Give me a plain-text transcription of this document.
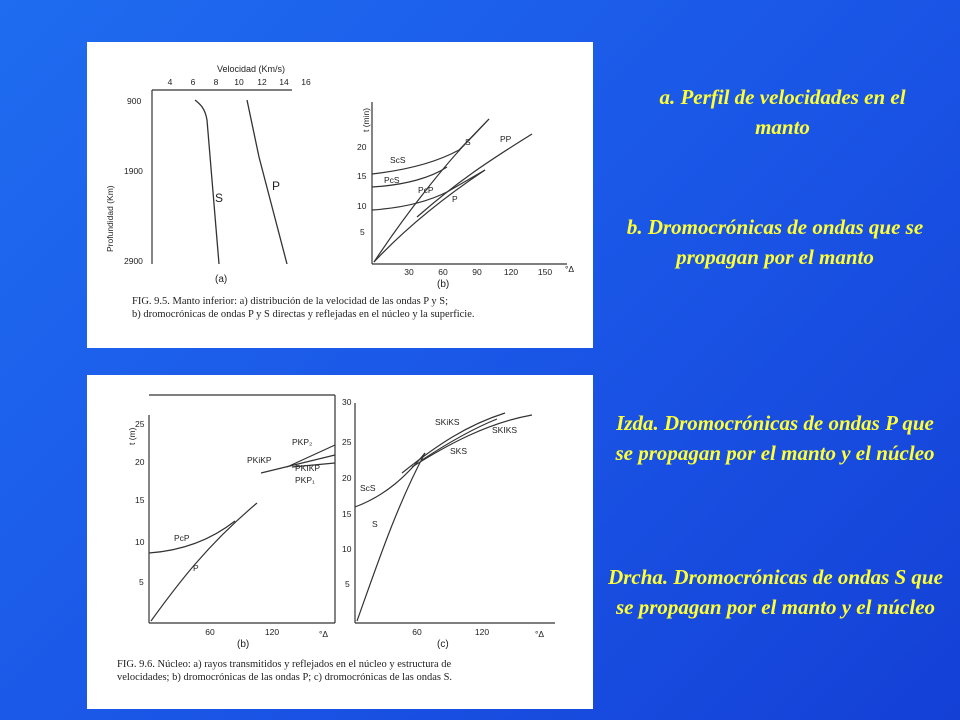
Velocidad (Km/s)
4 6 8 10 12 14 16
900
1900
2900
Profundidad (Km)	S
P
(a)
t (min)
20
15
10
5
30	60	90	120 150 °Δ
ScS
S	PP
PcS
PcP
P
(b)
FIG. 9.5. Manto inferior: a) distribución de la velocidad de las ondas P y S;
b) dromocrónicas de ondas P y S directas y reflejadas en el núcleo y la superficie.
t (m)
25
20
15
10
5
60	120	°Δ
PcP
P
PKiKP
PKP₂
PKIKP
PKP₁
(b)
30
25
20
15
10
5
60	120	°Δ
SKiKS
SKIKS
SKS
ScS
S
(c)
FIG. 9.6. Núcleo: a) rayos transmitidos y reflejados en el núcleo y estructura de
velocidades; b) dromocrónicas de las ondas P; c) dromocrónicas de las ondas S.
a. Perfil de velocidades en el manto
b. Dromocrónicas de ondas que se propagan por el manto
Izda. Dromocrónicas de ondas P que se propagan por el manto y el núcleo
Drcha. Dromocrónicas de ondas S que se propagan por el manto y el núcleo
